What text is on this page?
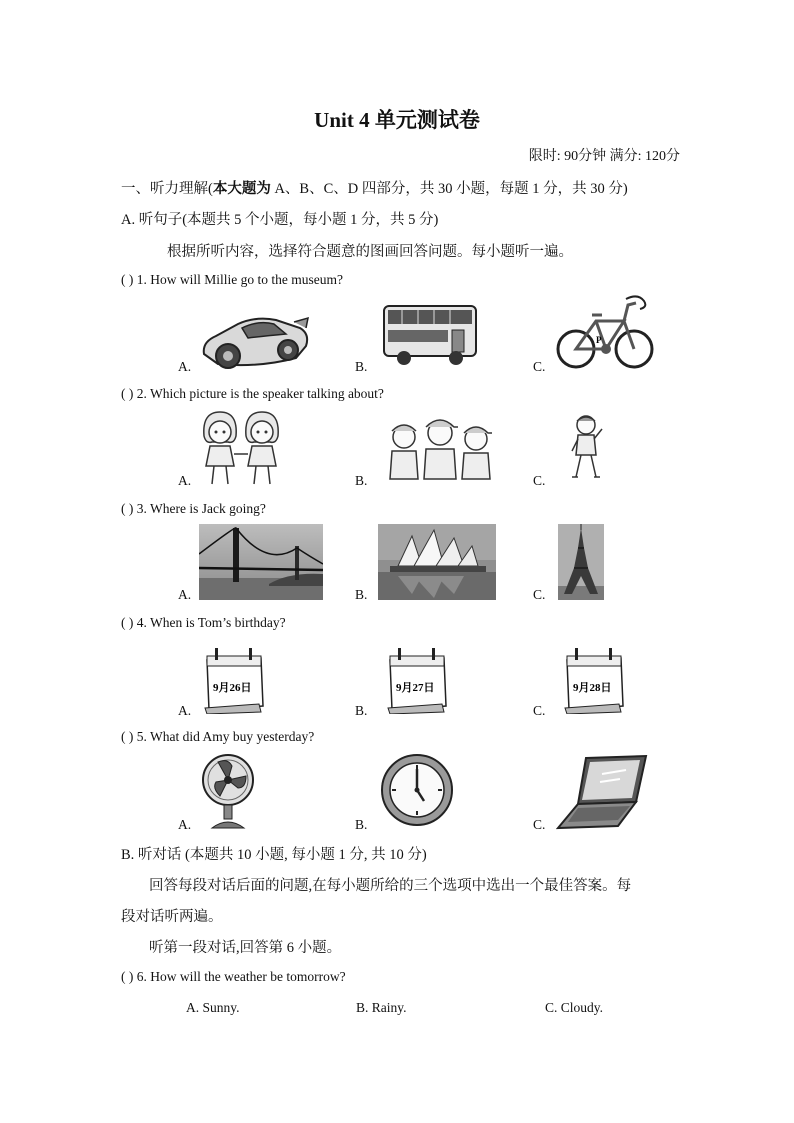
Unit 4 单元测试卷
限时: 90分钟 满分: 120分
一、听力理解(本大题为 A、B、C、D 四部分，共 30 小题，每题 1 分，共 30 分)
A. 听句子(本题共 5 个小题，每小题 1 分，共 5 分)
根据所听内容，选择符合题意的图画回答问题。每小题听一遍。
( ) 1. How will Millie go to the museum?
A.	B.	C.
P
( ) 2. Which picture is the speaker talking about?
A.	B.	C.
( ) 3. Where is Jack going?
A.	B.	C.
( ) 4. When is Tom’s birthday?
A.	B.	C.
9月26日	9月27日	9月28日
( ) 5. What did Amy buy yesterday?
A.	B.	C.
B. 听对话 (本题共 10 小题, 每小题 1 分, 共 10 分)
回答每段对话后面的问题,在每小题所给的三个选项中选出一个最佳答案。每
段对话听两遍。
听第一段对话,回答第 6 小题。
( ) 6. How will the weather be tomorrow?
A. Sunny.	B. Rainy.	C. Cloudy.
